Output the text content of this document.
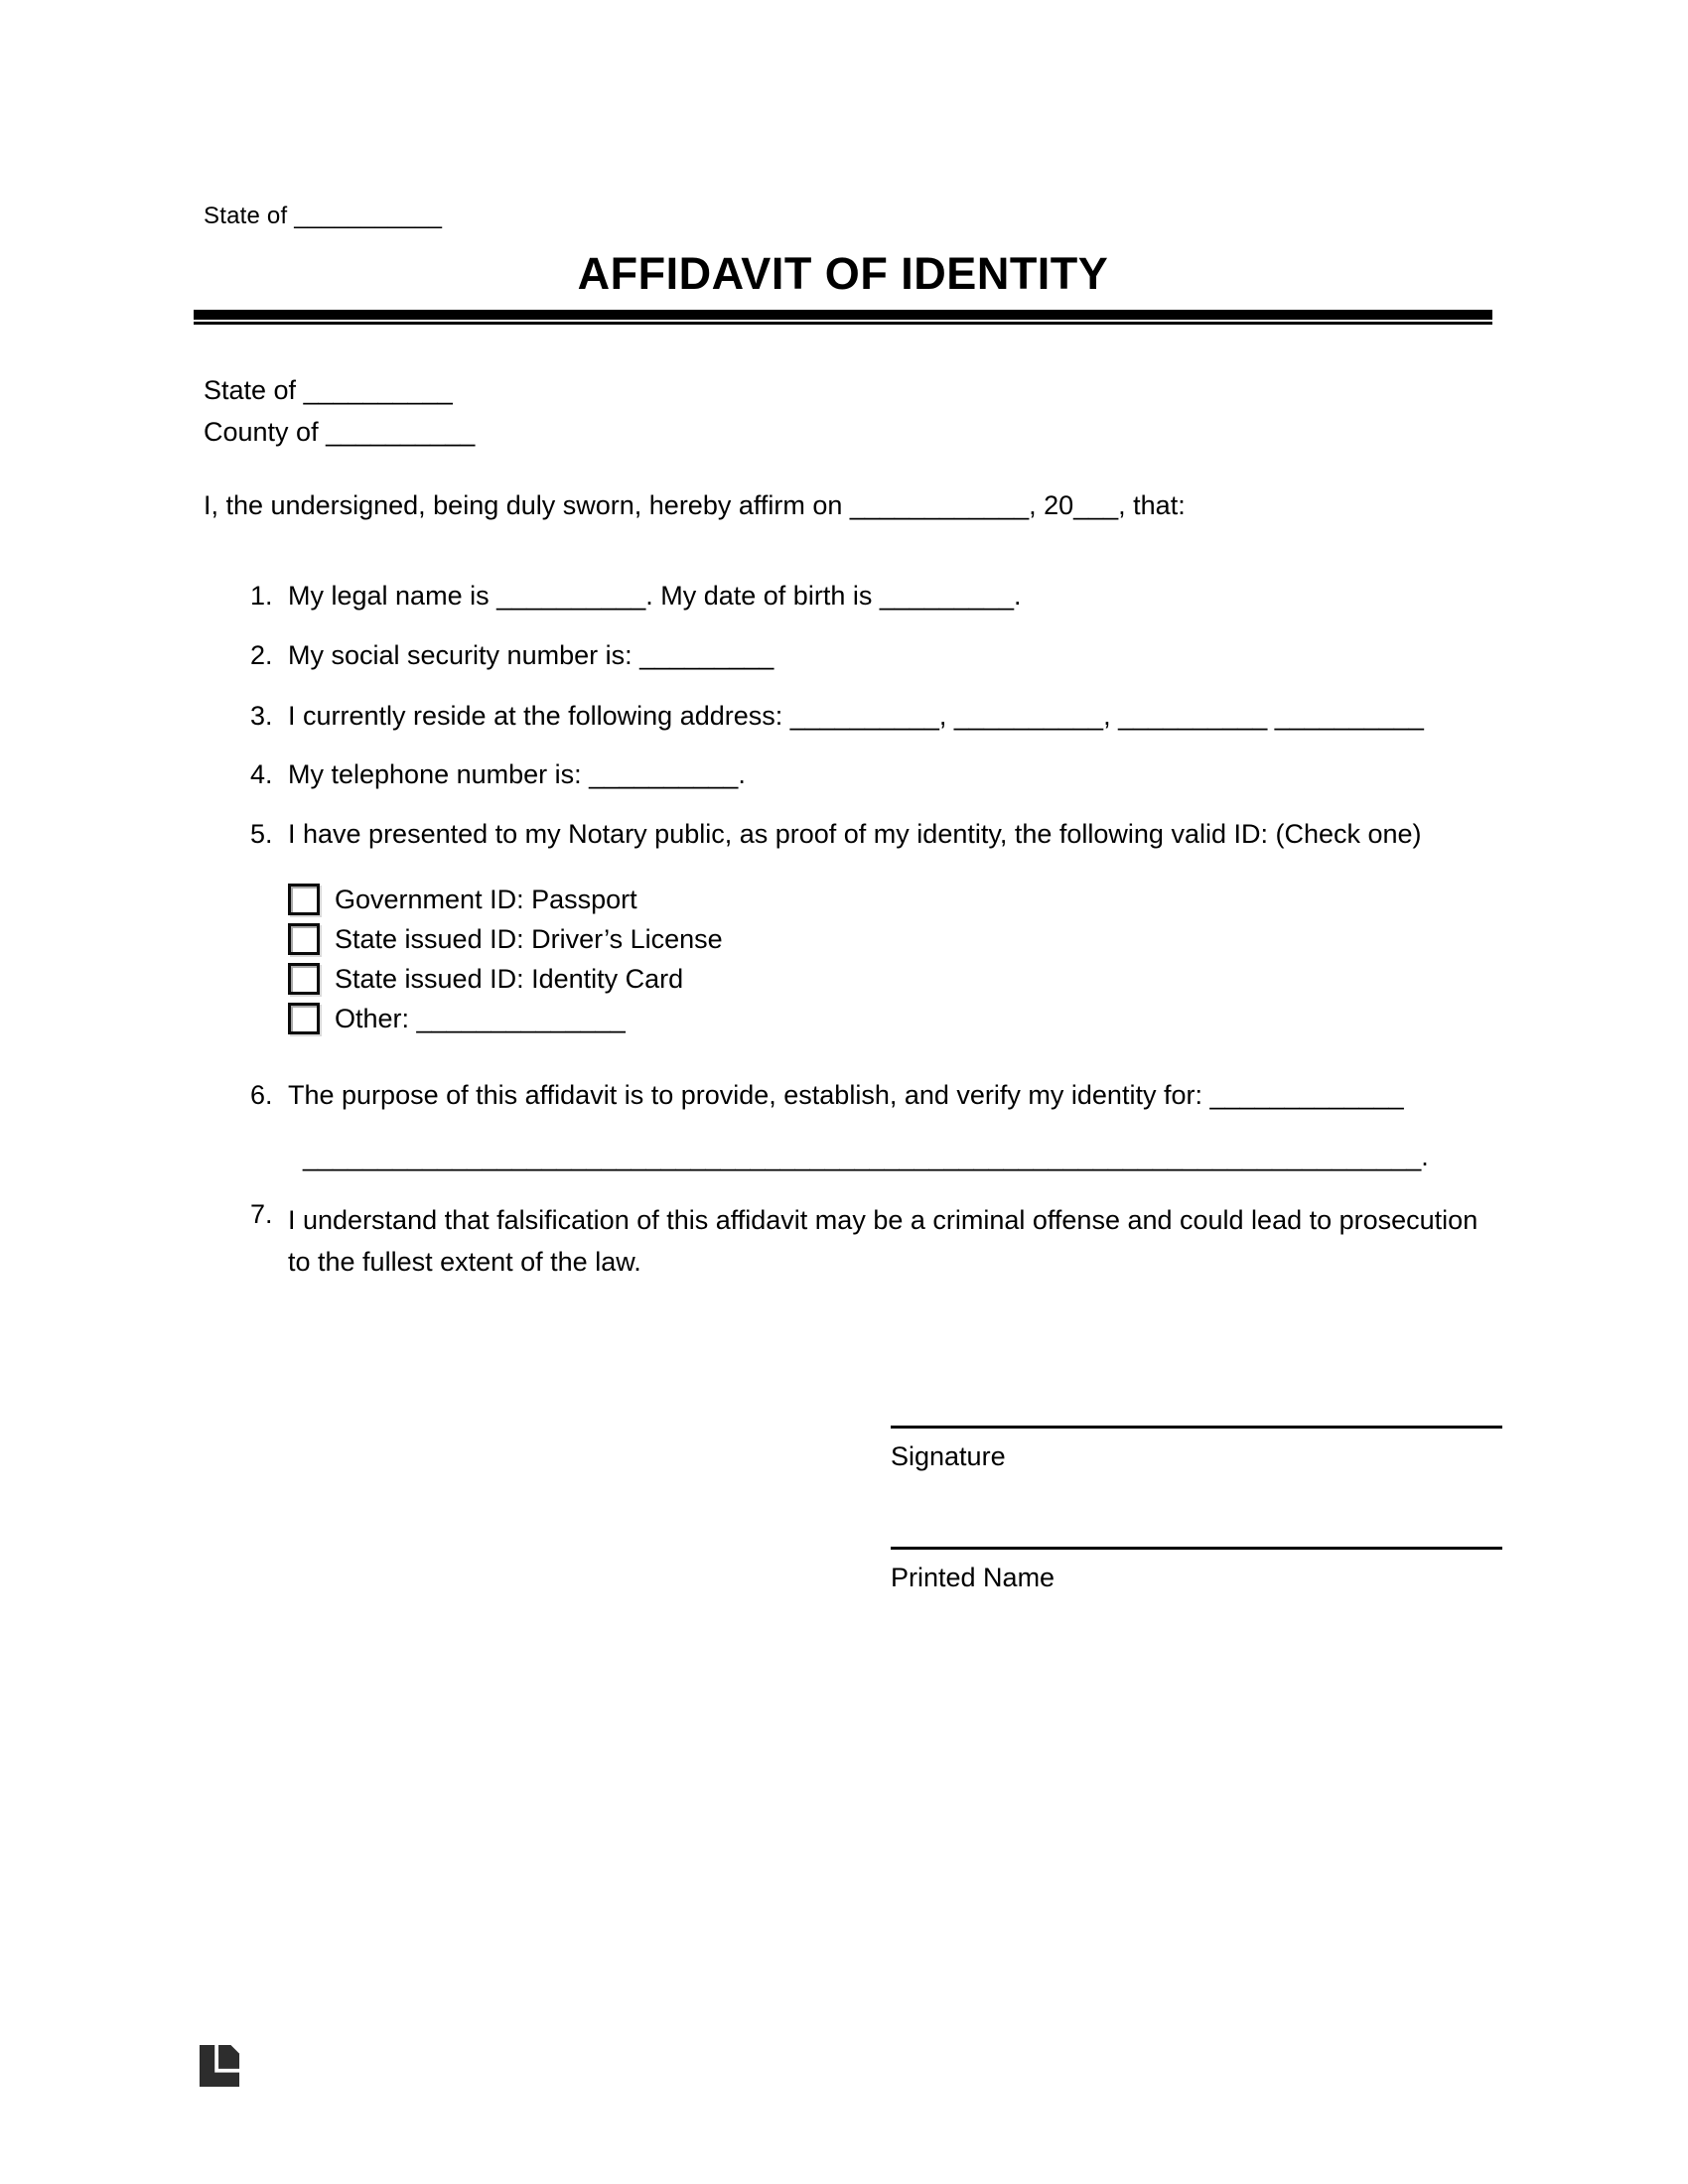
State of ___________
AFFIDAVIT OF IDENTITY
State of __________
County of __________
I, the undersigned, being duly sworn, hereby affirm on ____________, 20___, that:
1. My legal name is __________. My date of birth is _________.
2. My social security number is: _________
3. I currently reside at the following address: __________, __________, __________ __________
4. My telephone number is: __________.
5. I have presented to my Notary public, as proof of my identity, the following valid ID: (Check one)
Government ID: Passport
State issued ID: Driver’s License
State issued ID: Identity Card
Other: ______________
6. The purpose of this affidavit is to provide, establish, and verify my identity for: _____________
___________________________________________________________________________.
7. I understand that falsification of this affidavit may be a criminal offense and could lead to prosecution to the fullest extent of the law.
Signature
Printed Name
